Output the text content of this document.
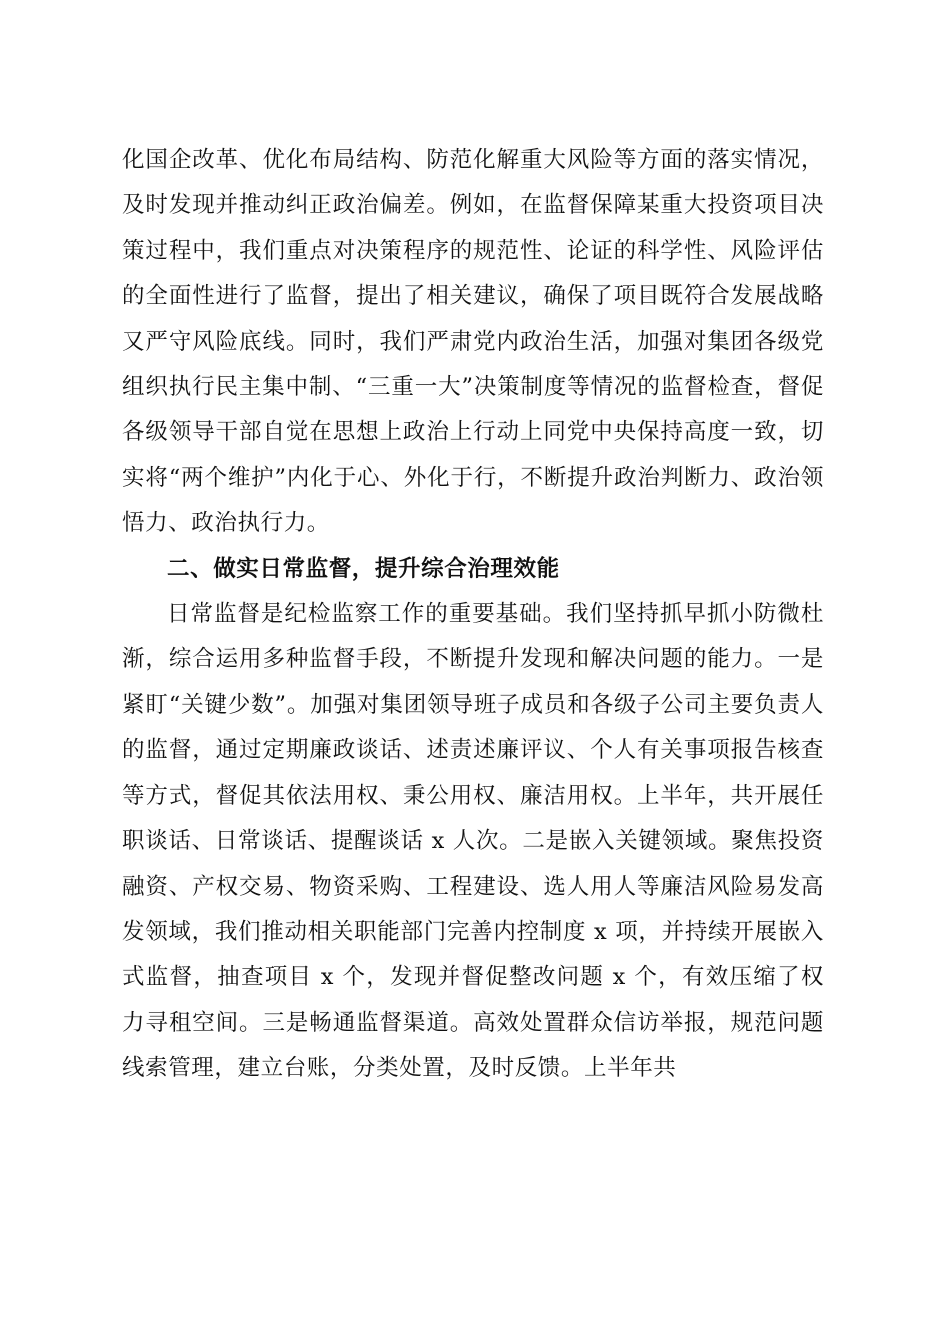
化国企改革、优化布局结构、防范化解重大风险等方面的落实情况，及时发现并推动纠正政治偏差。例如，在监督保障某重大投资项目决策过程中，我们重点对决策程序的规范性、论证的科学性、风险评估的全面性进行了监督，提出了相关建议，确保了项目既符合发展战略又严守风险底线。同时，我们严肃党内政治生活，加强对集团各级党组织执行民主集中制、“三重一大”决策制度等情况的监督检查，督促各级领导干部自觉在思想上政治上行动上同党中央保持高度一致，切实将“两个维护”内化于心、外化于行，不断提升政治判断力、政治领悟力、政治执行力。

二、做实日常监督，提升综合治理效能

日常监督是纪检监察工作的重要基础。我们坚持抓早抓小防微杜渐，综合运用多种监督手段，不断提升发现和解决问题的能力。一是紧盯“关键少数”。加强对集团领导班子成员和各级子公司主要负责人的监督，通过定期廉政谈话、述责述廉评议、个人有关事项报告核查等方式，督促其依法用权、秉公用权、廉洁用权。上半年，共开展任职谈话、日常谈话、提醒谈话 x 人次。二是嵌入关键领域。聚焦投资融资、产权交易、物资采购、工程建设、选人用人等廉洁风险易发高发领域，我们推动相关职能部门完善内控制度 x 项，并持续开展嵌入式监督，抽查项目 x 个，发现并督促整改问题 x 个，有效压缩了权力寻租空间。三是畅通监督渠道。高效处置群众信访举报，规范问题线索管理，建立台账，分类处置，及时反馈。上半年共
